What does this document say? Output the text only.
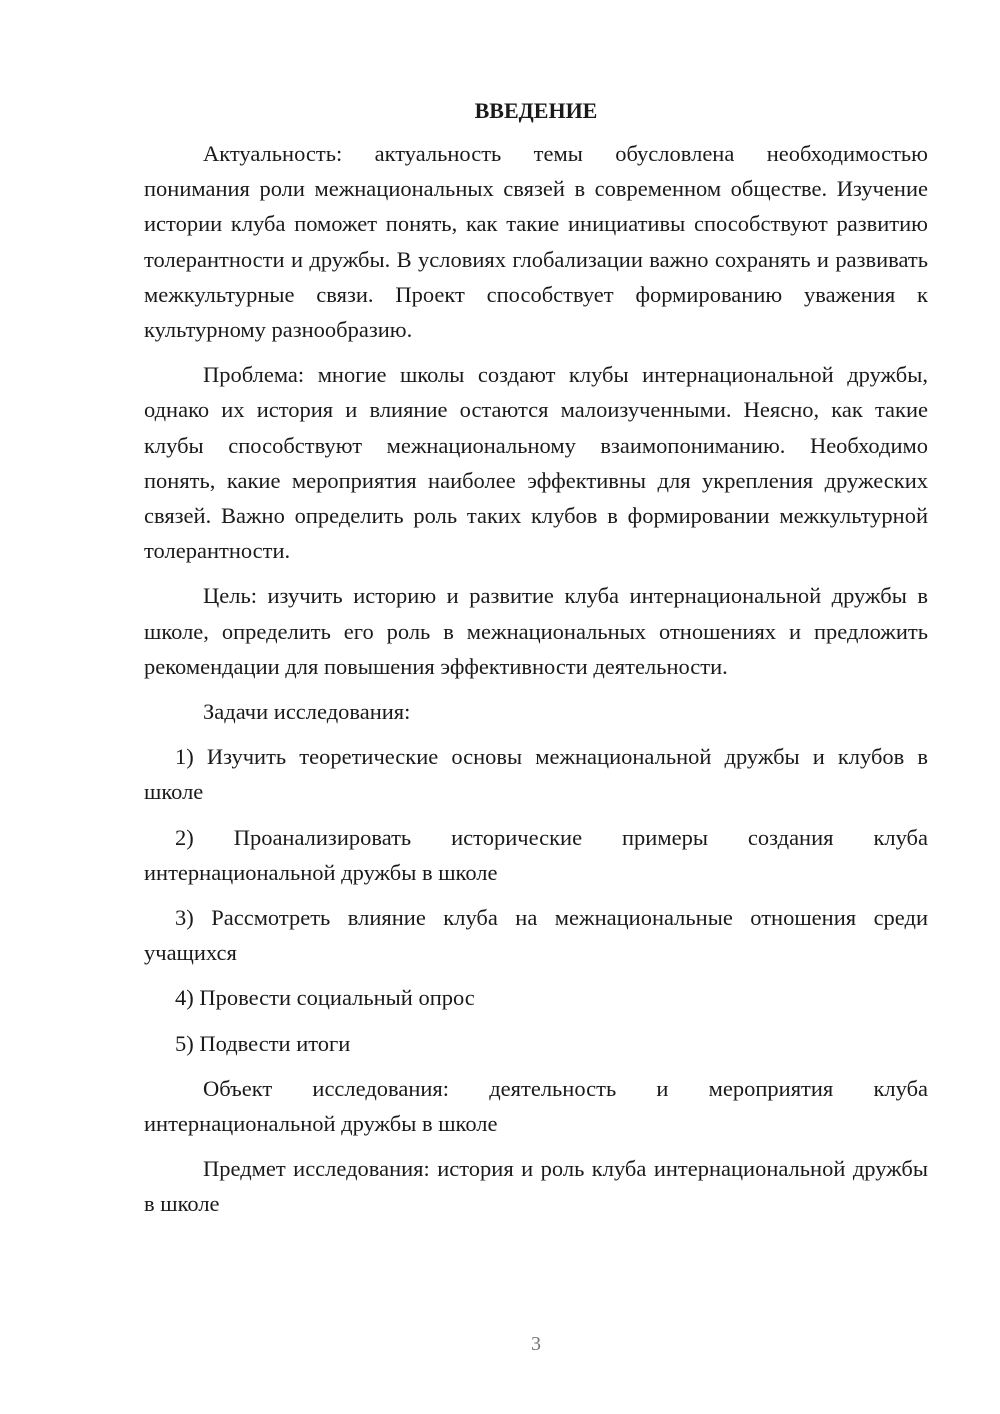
ВВЕДЕНИЕ

Актуальность: актуальность темы обусловлена необходимостью понимания роли межнациональных связей в современном обществе. Изучение истории клуба поможет понять, как такие инициативы способствуют развитию толерантности и дружбы. В условиях глобализации важно сохранять и развивать межкультурные связи. Проект способствует формированию уважения к культурному разнообразию.

Проблема: многие школы создают клубы интернациональной дружбы, однако их история и влияние остаются малоизученными. Неясно, как такие клубы способствуют межнациональному взаимопониманию. Необходимо понять, какие мероприятия наиболее эффективны для укрепления дружеских связей. Важно определить роль таких клубов в формировании межкультурной толерантности.

Цель: изучить историю и развитие клуба интернациональной дружбы в школе, определить его роль в межнациональных отношениях и предложить рекомендации для повышения эффективности деятельности.

Задачи исследования:

1) Изучить теоретические основы межнациональной дружбы и клубов в школе

2) Проанализировать исторические примеры создания клуба интернациональной дружбы в школе

3) Рассмотреть влияние клуба на межнациональные отношения среди учащихся

4) Провести социальный опрос

5) Подвести итоги

Объект исследования: деятельность и мероприятия клуба интернациональной дружбы в школе

Предмет исследования: история и роль клуба интернациональной дружбы в школе

3
